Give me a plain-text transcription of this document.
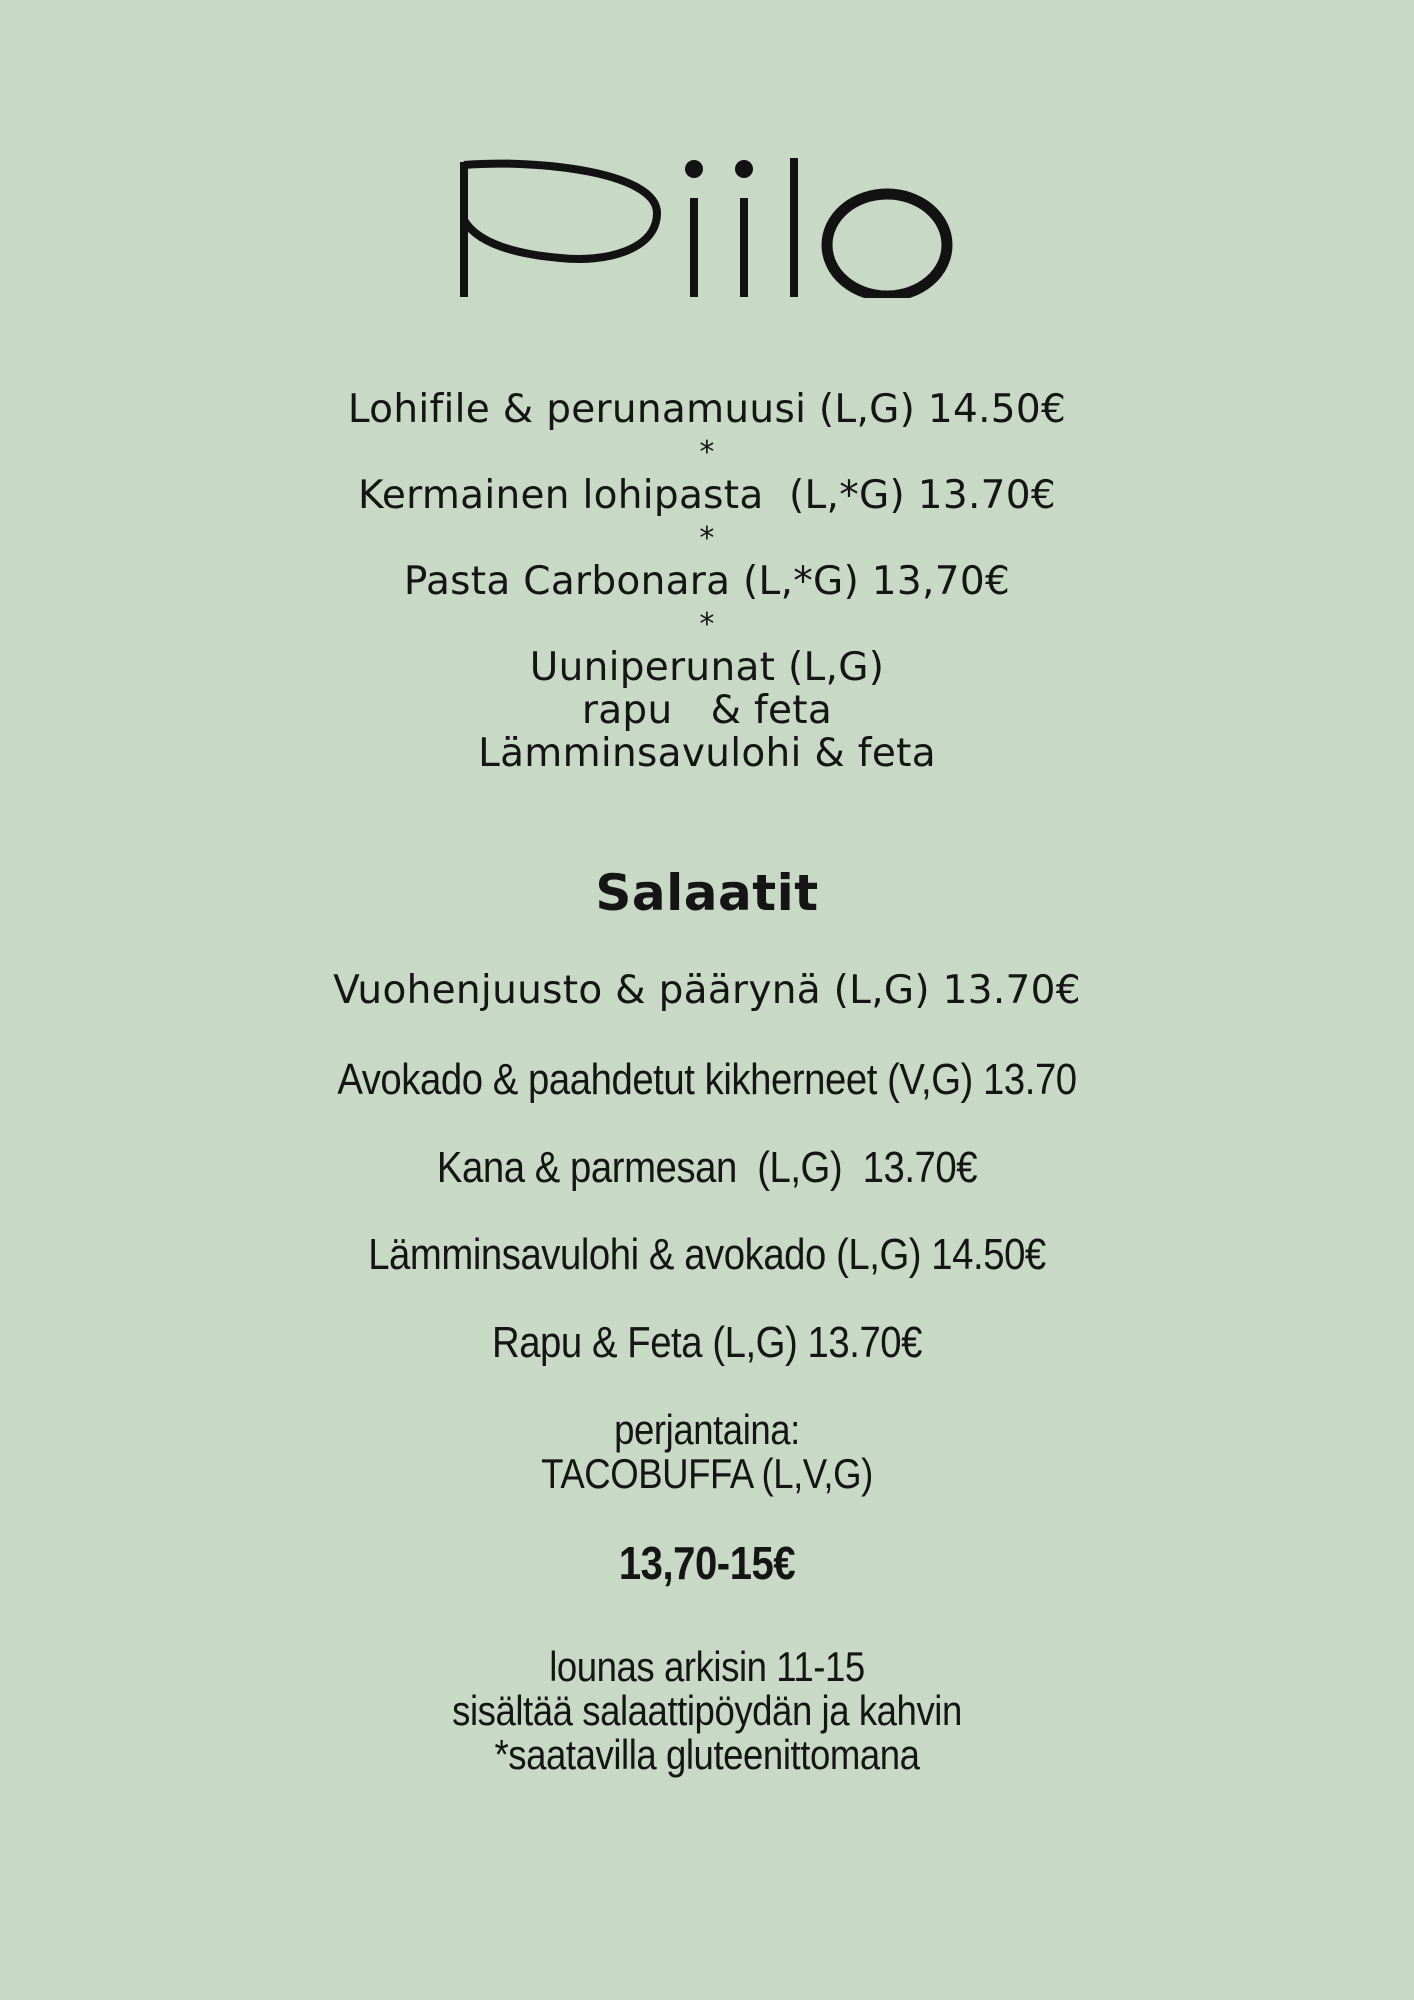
Lohifile & perunamuusi (L,G) 14.50€
*
Kermainen lohipasta  (L,*G) 13.70€
*
Pasta Carbonara (L,*G) 13,70€
*
Uuniperunat (L,G)
rapu   & feta
Lämminsavulohi & feta
Salaatit
Vuohenjuusto & päärynä (L,G) 13.70€
Avokado & paahdetut kikherneet (V,G) 13.70
Kana & parmesan  (L,G)  13.70€
Lämminsavulohi & avokado (L,G) 14.50€
Rapu & Feta (L,G) 13.70€
perjantaina:
TACOBUFFA (L,V,G)
13,70-15€
lounas arkisin 11-15
sisältää salaattipöydän ja kahvin
*saatavilla gluteenittomana
